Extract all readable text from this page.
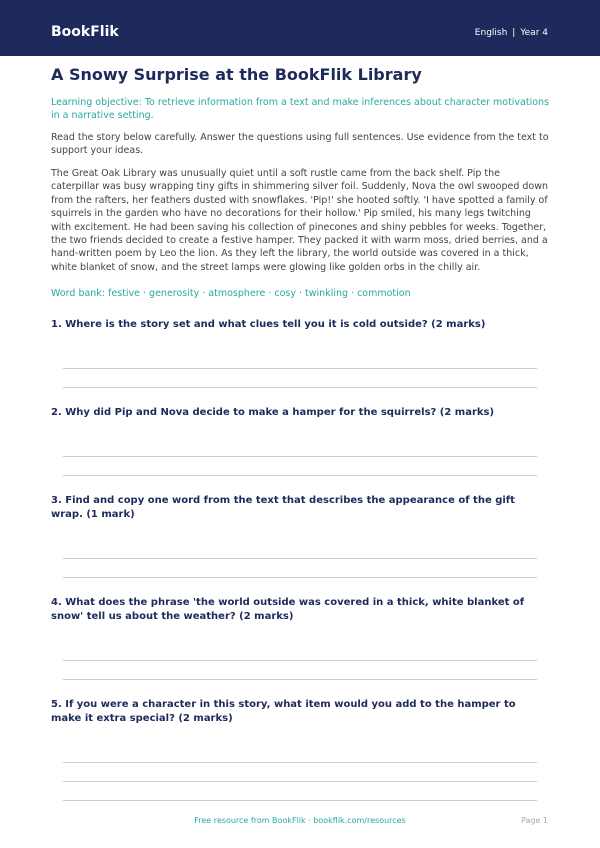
BookFlik	English | Year 4
A Snowy Surprise at the BookFlik Library

Learning objective: To retrieve information from a text and make inferences about character motivations in a narrative setting.

Read the story below carefully. Answer the questions using full sentences. Use evidence from the text to support your ideas.

The Great Oak Library was unusually quiet until a soft rustle came from the back shelf. Pip the caterpillar was busy wrapping tiny gifts in shimmering silver foil. Suddenly, Nova the owl swooped down from the rafters, her feathers dusted with snowflakes. 'Pip!' she hooted softly. 'I have spotted a family of squirrels in the garden who have no decorations for their hollow.' Pip smiled, his many legs twitching with excitement. He had been saving his collection of pinecones and shiny pebbles for weeks. Together, the two friends decided to create a festive hamper. They packed it with warm moss, dried berries, and a hand-written poem by Leo the lion. As they left the library, the world outside was covered in a thick, white blanket of snow, and the street lamps were glowing like golden orbs in the chilly air.

Word bank: festive · generosity · atmosphere · cosy · twinkling · commotion

1. Where is the story set and what clues tell you it is cold outside? (2 marks)

2. Why did Pip and Nova decide to make a hamper for the squirrels? (2 marks)

3. Find and copy one word from the text that describes the appearance of the gift wrap. (1 mark)

4. What does the phrase 'the world outside was covered in a thick, white blanket of snow' tell us about the weather? (2 marks)

5. If you were a character in this story, what item would you add to the hamper to make it extra special? (2 marks)

Free resource from BookFlik · bookflik.com/resources	Page 1
